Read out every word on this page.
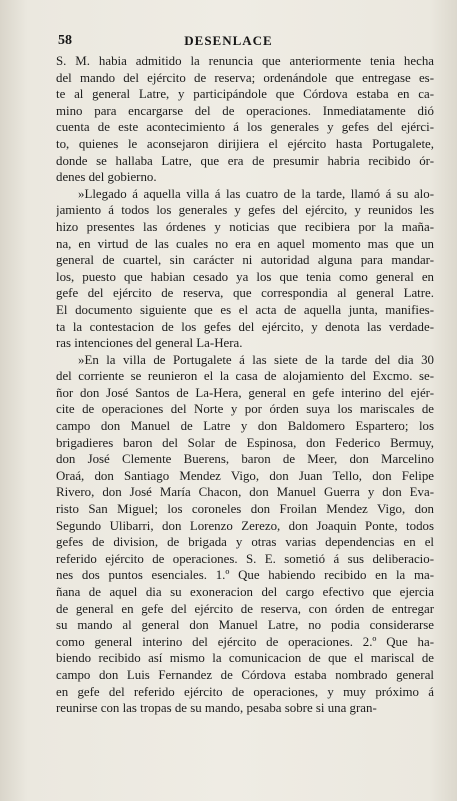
58	DESENLACE
S. M. habia admitido la renuncia que anteriormente tenia hecha
del mando del ejército de reserva; ordenándole que entregase es-
te al general Latre, y participándole que Córdova estaba en ca-
mino para encargarse del de operaciones. Inmediatamente dió
cuenta de este acontecimiento á los generales y gefes del ejérci-
to, quienes le aconsejaron dirijiera el ejército hasta Portugalete,
donde se hallaba Latre, que era de presumir habria recibido ór-
denes del gobierno.
»Llegado á aquella villa á las cuatro de la tarde, llamó á su alo-
jamiento á todos los generales y gefes del ejército, y reunidos les
hizo presentes las órdenes y noticias que recibiera por la maña-
na, en virtud de las cuales no era en aquel momento mas que un
general de cuartel, sin carácter ni autoridad alguna para mandar-
los, puesto que habian cesado ya los que tenia como general en
gefe del ejército de reserva, que correspondia al general Latre.
El documento siguiente que es el acta de aquella junta, manifies-
ta la contestacion de los gefes del ejército, y denota las verdade-
ras intenciones del general La-Hera.
»En la villa de Portugalete á las siete de la tarde del dia 30
del corriente se reunieron el la casa de alojamiento del Excmo. se-
ñor don José Santos de La-Hera, general en gefe interino del ejér-
cite de operaciones del Norte y por órden suya los mariscales de
campo don Manuel de Latre y don Baldomero Espartero; los
brigadieres baron del Solar de Espinosa, don Federico Bermuy,
don José Clemente Buerens, baron de Meer, don Marcelino
Oraá, don Santiago Mendez Vigo, don Juan Tello, don Felipe
Rivero, don José María Chacon, don Manuel Guerra y don Eva-
risto San Miguel; los coroneles don Froilan Mendez Vigo, don
Segundo Ulibarri, don Lorenzo Zerezo, don Joaquin Ponte, todos
gefes de division, de brigada y otras varias dependencias en el
referido ejército de operaciones. S. E. sometió á sus deliberacio-
nes dos puntos esenciales. 1.º Que habiendo recibido en la ma-
ñana de aquel dia su exoneracion del cargo efectivo que ejercia
de general en gefe del ejército de reserva, con órden de entregar
su mando al general don Manuel Latre, no podia considerarse
como general interino del ejército de operaciones. 2.º Que ha-
biendo recibido así mismo la comunicacion de que el mariscal de
campo don Luis Fernandez de Córdova estaba nombrado general
en gefe del referido ejército de operaciones, y muy próximo á
reunirse con las tropas de su mando, pesaba sobre si una gran-
